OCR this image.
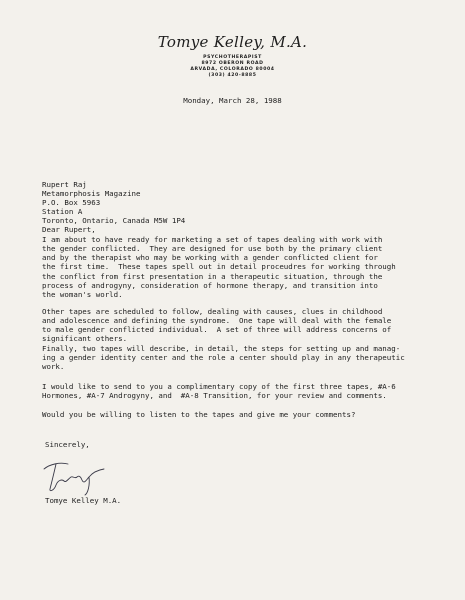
Tomye Kelley, M.A.
PSYCHOTHERAPIST
8972 OBERON ROAD
ARVADA, COLORADO 80004
(303) 420-8885
Monday, March 28, 1988
Rupert Raj
Metamorphosis Magazine
P.O. Box 5963
Station A
Toronto, Ontario, Canada M5W 1P4
Dear Rupert,
I am about to have ready for marketing a set of tapes dealing with work with
the gender conflicted.  They are designed for use both by the primary client
and by the therapist who may be working with a gender conflicted client for
the first time.  These tapes spell out in detail proceudres for working through
the conflict from first presentation in a therapeutic situation, through the
process of androgyny, consideration of hormone therapy, and transition into
the woman's world.
Other tapes are scheduled to follow, dealing with causes, clues in childhood
and adolescence and defining the syndrome.  One tape will deal with the female
to male gender conflicted individual.  A set of three will address concerns of
significant others.
Finally, two tapes will describe, in detail, the steps for setting up and manag-
ing a gender identity center and the role a center should play in any therapeutic
work.
I would like to send to you a complimentary copy of the first three tapes, #A-6
Hormones, #A-7 Androgyny, and  #A-8 Transition, for your review and comments.
Would you be willing to listen to the tapes and give me your comments?
Sincerely,
Tomye Kelley M.A.
